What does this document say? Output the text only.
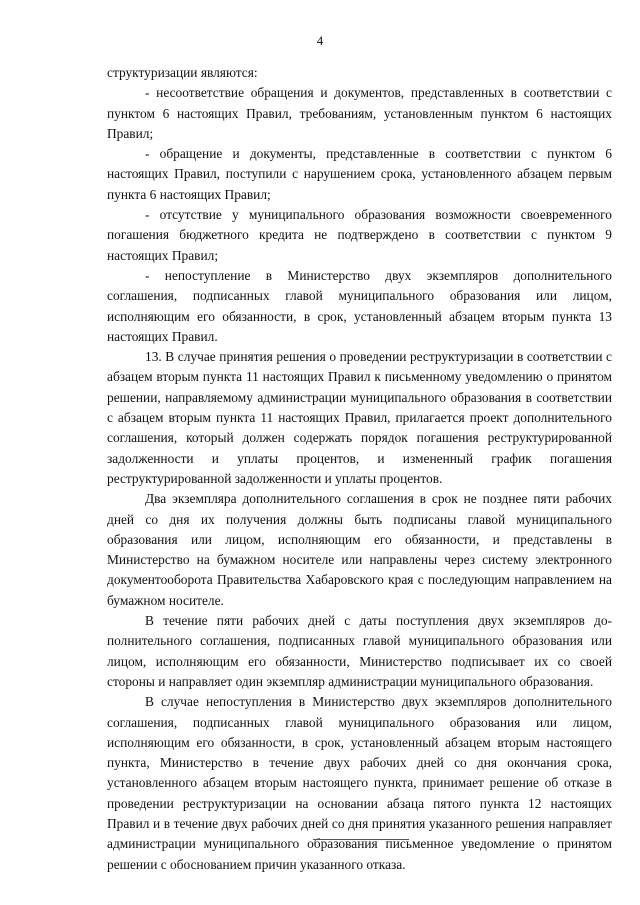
4

структуризации являются:

- несоответствие обращения и документов, представленных в соответствии с пунктом 6 настоящих Правил, требованиям, установленным пунктом 6 настоящих Правил;

- обращение и документы, представленные в соответствии с пунктом 6 настоящих Правил, поступили с нарушением срока, установленного абзацем первым пункта 6 настоящих Правил;

- отсутствие у муниципального образования возможности своевременного погашения бюджетного кредита не подтверждено в соответствии с пунктом 9 настоящих Правил;

- непоступление в Министерство двух экземпляров дополнительного соглашения, подписанных главой муниципального образования или лицом, исполняющим его обязанности, в срок, установленный абзацем вторым пункта 13 настоящих Правил.

13. В случае принятия решения о проведении реструктуризации в соответствии с абзацем вторым пункта 11 настоящих Правил к письменному уведомлению о принятом решении, направляемому администрации муниципального образования в соответствии с абзацем вторым пункта 11 настоящих Правил, прилагается проект дополнительного соглашения, который должен содержать порядок погашения реструктурированной задолженности и уплаты процентов, и измененный график погашения реструктурированной задолженности и уплаты процентов.

Два экземпляра дополнительного соглашения в срок не позднее пяти рабочих дней со дня их получения должны быть подписаны главой муниципального образования или лицом, исполняющим его обязанности, и представлены в Министерство на бумажном носителе или направлены через систему электронного документооборота Правительства Хабаровского края с последующим направлением на бумажном носителе.

В течение пяти рабочих дней с даты поступления двух экземпляров дополнительного соглашения, подписанных главой муниципального образования или лицом, исполняющим его обязанности, Министерство подписывает их со своей стороны и направляет один экземпляр администрации муниципального образования.

В случае непоступления в Министерство двух экземпляров дополнительного соглашения, подписанных главой муниципального образования или лицом, исполняющим его обязанности, в срок, установленный абзацем вторым настоящего пункта, Министерство в течение двух рабочих дней со дня окончания срока, установленного абзацем вторым настоящего пункта, принимает решение об отказе в проведении реструктуризации на основании абзаца пятого пункта 12 настоящих Правил и в течение двух рабочих дней со дня принятия указанного решения направляет администрации муниципального образования письменное уведомление о принятом решении с обоснованием причин указанного отказа.
